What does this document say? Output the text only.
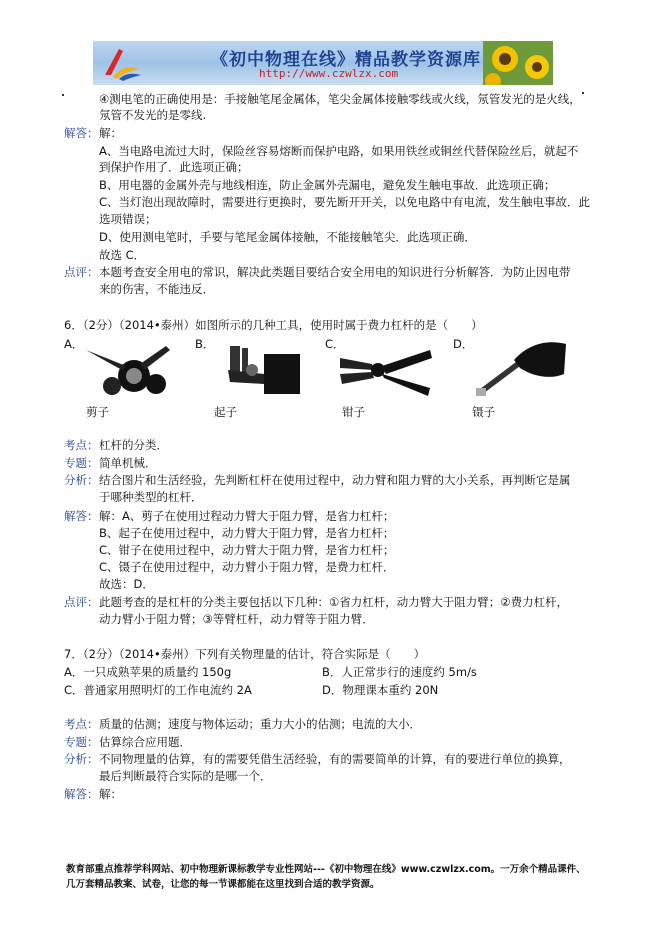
《初中物理在线》精品教学资源库
http://www.czwlzx.com
④测电笔的正确使用是：手接触笔尾金属体，笔尖金属体接触零线或火线，氖管发光的是火线，
氖管不发光的是零线.
解答： 解：
A、当电路电流过大时，保险丝容易熔断而保护电路，如果用铁丝或铜丝代替保险丝后，就起不
到保护作用了．此选项正确；
B、用电器的金属外壳与地线相连，防止金属外壳漏电，避免发生触电事故．此选项正确；
C、当灯泡出现故障时，需要进行更换时，要先断开开关，以免电路中有电流，发生触电事故．此
选项错误；
D、使用测电笔时，手要与笔尾金属体接触，不能接触笔尖．此选项正确．
故选 C．
点评： 本题考查安全用电的常识，解决此类题目要结合安全用电的知识进行分析解答．为防止因电带
来的伤害，不能违反．
6．（2分）（2014•泰州）如图所示的几种工具，使用时属于费力杠杆的是（　　）
A．	B．	C．	D．
剪子	起子	钳子	镊子
考点： 杠杆的分类．
专题： 简单机械．
分析： 结合图片和生活经验，先判断杠杆在使用过程中，动力臂和阻力臂的大小关系，再判断它是属
于哪种类型的杠杆．
解答： 解：A、剪子在使用过程动力臂大于阻力臂，是省力杠杆；
B、起子在使用过程中，动力臂大于阻力臂，是省力杠杆；
C、钳子在使用过程中，动力臂大于阻力臂，是省力杠杆；
C、镊子在使用过程中，动力臂小于阻力臂，是费力杠杆．
故选：D．
点评： 此题考查的是杠杆的分类主要包括以下几种：①省力杠杆，动力臂大于阻力臂；②费力杠杆，
动力臂小于阻力臂；③等臂杠杆，动力臂等于阻力臂．
7．（2分）（2014•泰州）下列有关物理量的估计，符合实际是（　　）
A．一只成熟苹果的质量约 150g	B．人正常步行的速度约 5m/s
C．普通家用照明灯的工作电流约 2A	D．物理课本重约 20N
考点： 质量的估测；速度与物体运动；重力大小的估测；电流的大小．
专题： 估算综合应用题．
分析： 不同物理量的估算，有的需要凭借生活经验，有的需要简单的计算，有的要进行单位的换算，
最后判断最符合实际的是哪一个．
解答： 解：
教育部重点推荐学科网站、初中物理新课标教学专业性网站---《初中物理在线》www.czwlzx.com。一万余个精品课件、
几万套精品教案、试卷，让您的每一节课都能在这里找到合适的教学资源。
